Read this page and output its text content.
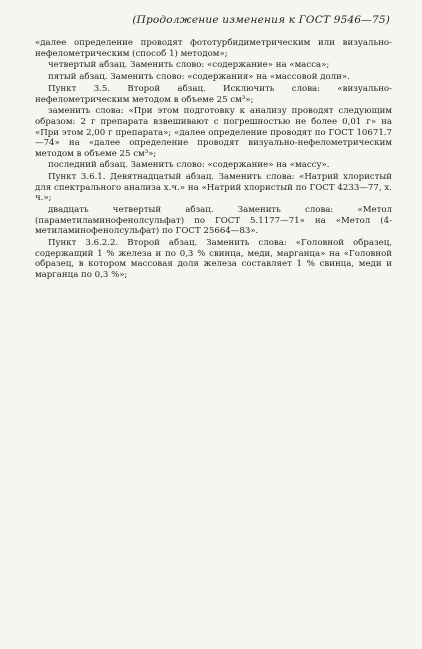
(Продолжение изменения к ГОСТ 9546—75)

«далее определение проводят фототурбидиметрическим или визуально-нефелометрическим (способ 1) методом»;

четвертый абзац. Заменить слово: «содержание» на «масса»;

пятый абзац. Заменить слово: «содержания» на «массовой доли».

Пункт 3.5. Второй абзац. Исключить слова: «визуально-нефелометрическим методом в объеме 25 см³»;

заменить слова: «При этом подготовку к анализу проводят следующим образом: 2 г препарата взвешивают с погрешностью не более 0,01 г» на «При этом 2,00 г препарата»; «далее определение проводят по ГОСТ 10671.7—74» на «далее определение проводят визуально-нефелометрическим методом в объеме 25 см³»;

последний абзац. Заменить слово: «содержание» на «массу».

Пункт 3.6.1. Девятнадцатый абзац. Заменить слова: «Натрий хлористый для спектрального анализа х.ч.» на «Натрий хлористый по ГОСТ 4233—77, х. ч.»;

двадцать четвертый абзац. Заменить слова: «Метол (параметиламинофенолсульфат) по ГОСТ 5.1177—71» на «Метол (4-метиламинофенолсульфат) по ГОСТ 25664—83».

Пункт 3.6.2.2. Второй абзац. Заменить слова: «Головной образец, содержащий 1 % железа и по 0,3 % свинца, меди, марганца» на «Головной образец, в котором массовая доля железа составляет 1 % свинца, меди и марганца по 0,3 %»;
